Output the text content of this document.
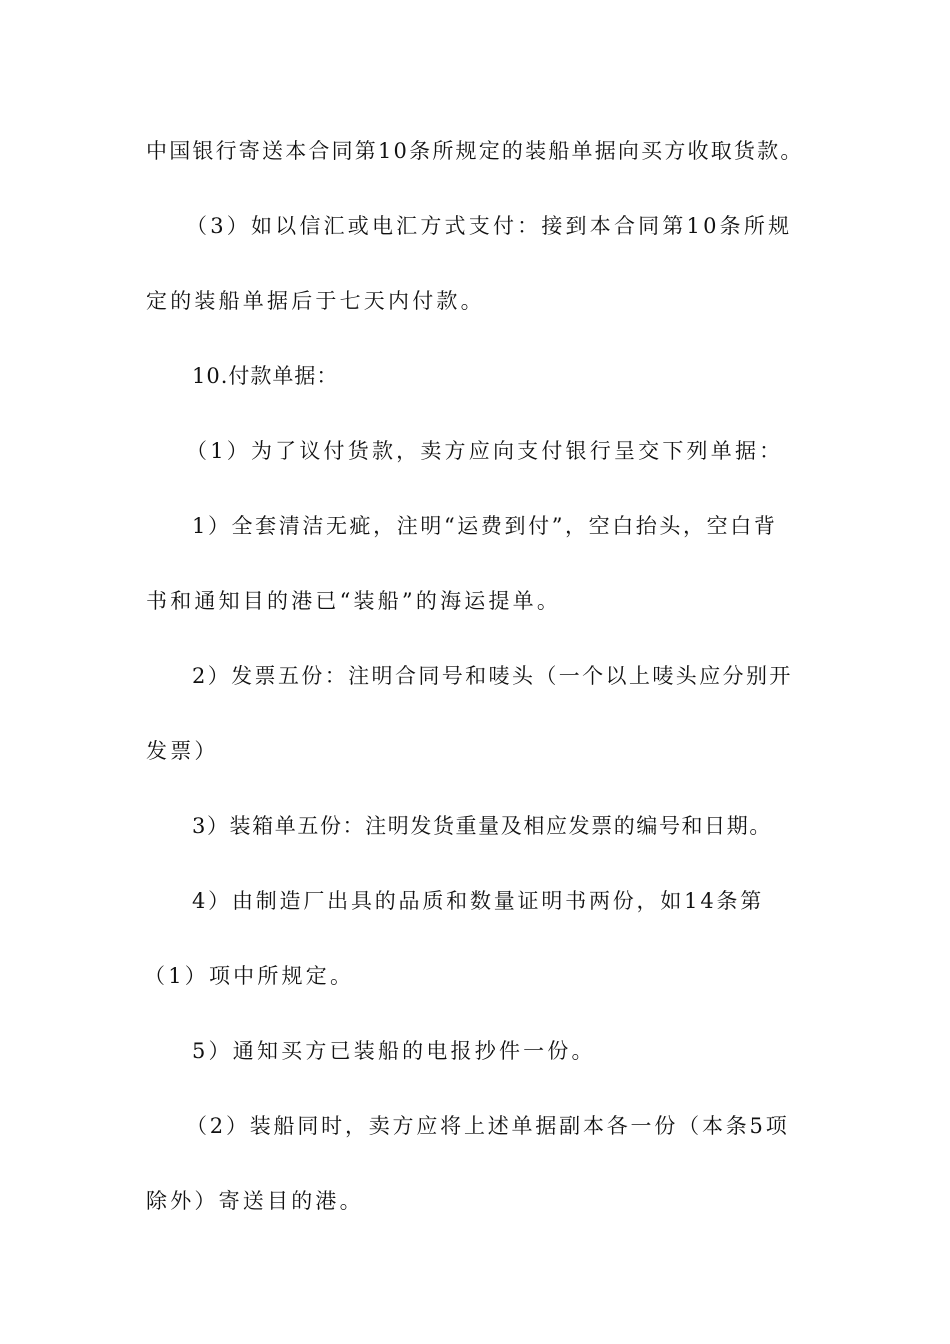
中国银行寄送本合同第10条所规定的装船单据向买方收取货款。
（3）如以信汇或电汇方式支付：接到本合同第10条所规
定的装船单据后于七天内付款。
10.付款单据：
（1）为了议付货款，卖方应向支付银行呈交下列单据：
1）全套清洁无疵，注明“运费到付”，空白抬头，空白背
书和通知目的港已“装船”的海运提单。
2）发票五份：注明合同号和唛头（一个以上唛头应分别开
发票）
3）装箱单五份：注明发货重量及相应发票的编号和日期。
4）由制造厂出具的品质和数量证明书两份，如14条第
（1）项中所规定。
5）通知买方已装船的电报抄件一份。
（2）装船同时，卖方应将上述单据副本各一份（本条5项
除外）寄送目的港。
